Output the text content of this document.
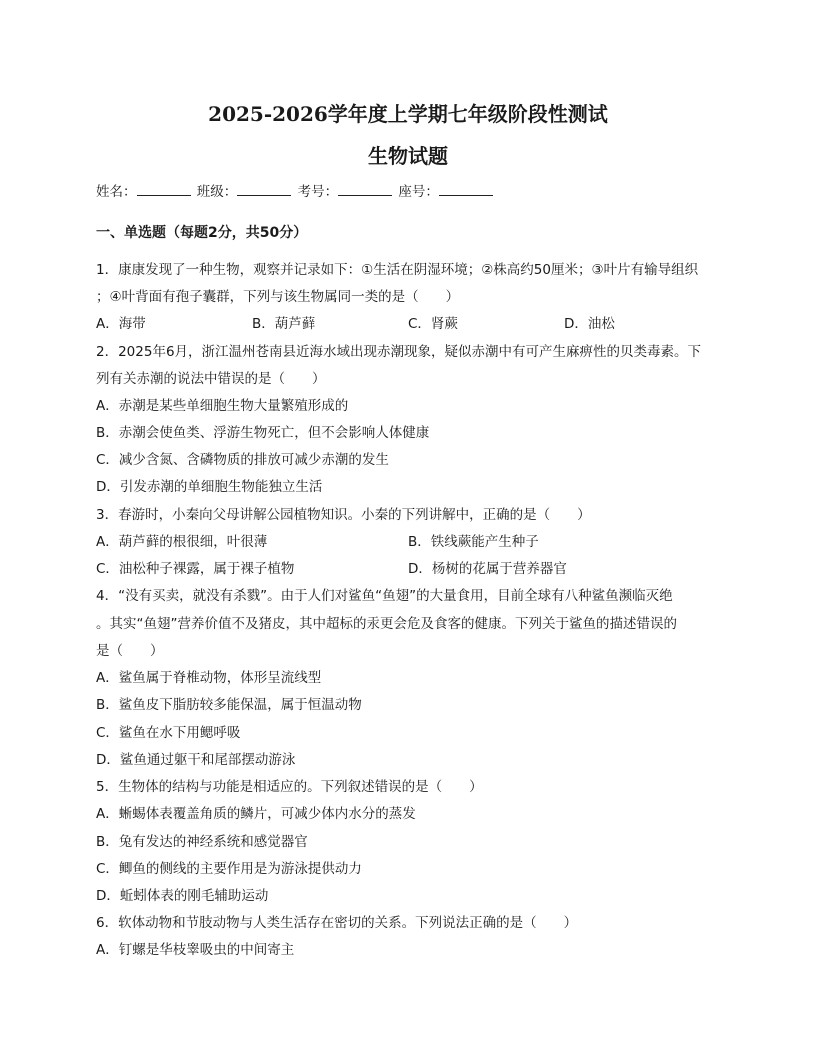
2025-2026学年度上学期七年级阶段性测试
生物试题
姓名：	班级：	考号：	座号：
一、单选题（每题2分，共50分）
1．康康发现了一种生物，观察并记录如下：①生活在阴湿环境；②株高约50厘米；③叶片有输导组织
；④叶背面有孢子囊群，下列与该生物属同一类的是（　　）
A．海带	B．葫芦藓	C．肾蕨	D．油松
2．2025年6月，浙江温州苍南县近海水域出现赤潮现象，疑似赤潮中有可产生麻痹性的贝类毒素。下
列有关赤潮的说法中错误的是（　　）
A．赤潮是某些单细胞生物大量繁殖形成的
B．赤潮会使鱼类、浮游生物死亡，但不会影响人体健康
C．减少含氮、含磷物质的排放可减少赤潮的发生
D．引发赤潮的单细胞生物能独立生活
3．春游时，小秦向父母讲解公园植物知识。小秦的下列讲解中，正确的是（　　）
A．葫芦藓的根很细，叶很薄	B．铁线蕨能产生种子
C．油松种子裸露，属于裸子植物	D．杨树的花属于营养器官
4．“没有买卖，就没有杀戮”。由于人们对鲨鱼“鱼翅”的大量食用，目前全球有八种鲨鱼濒临灭绝
。其实“鱼翅”营养价值不及猪皮，其中超标的汞更会危及食客的健康。下列关于鲨鱼的描述错误的
是（　　）
A．鲨鱼属于脊椎动物，体形呈流线型
B．鲨鱼皮下脂肪较多能保温，属于恒温动物
C．鲨鱼在水下用鳃呼吸
D．鲨鱼通过躯干和尾部摆动游泳
5．生物体的结构与功能是相适应的。下列叙述错误的是（　　）
A．蜥蜴体表覆盖角质的鳞片，可减少体内水分的蒸发
B．兔有发达的神经系统和感觉器官
C．鲫鱼的侧线的主要作用是为游泳提供动力
D．蚯蚓体表的刚毛辅助运动
6．软体动物和节肢动物与人类生活存在密切的关系。下列说法正确的是（　　）
A．钉螺是华枝睾吸虫的中间寄主
